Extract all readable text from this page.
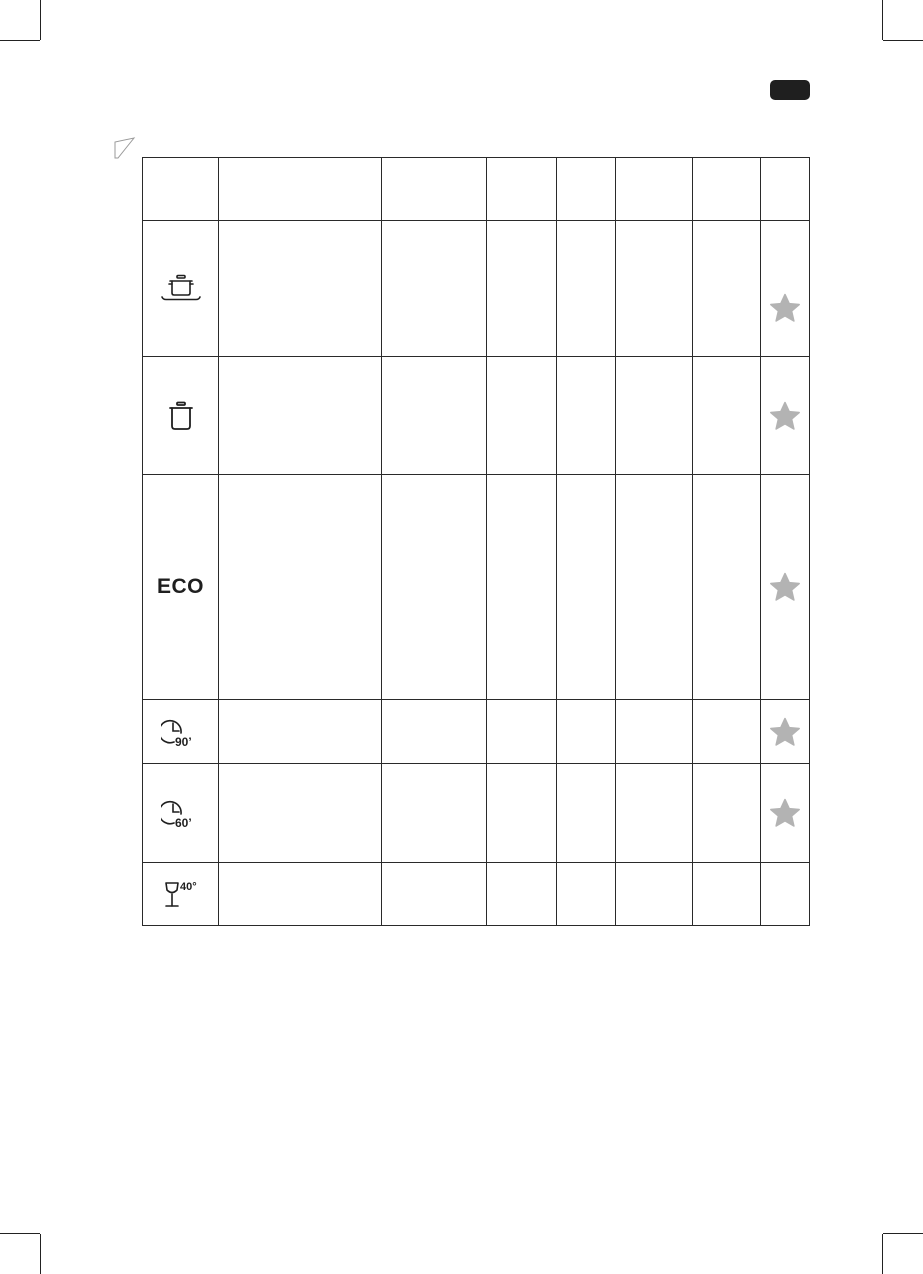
ECO							

90’

60’

40°							
